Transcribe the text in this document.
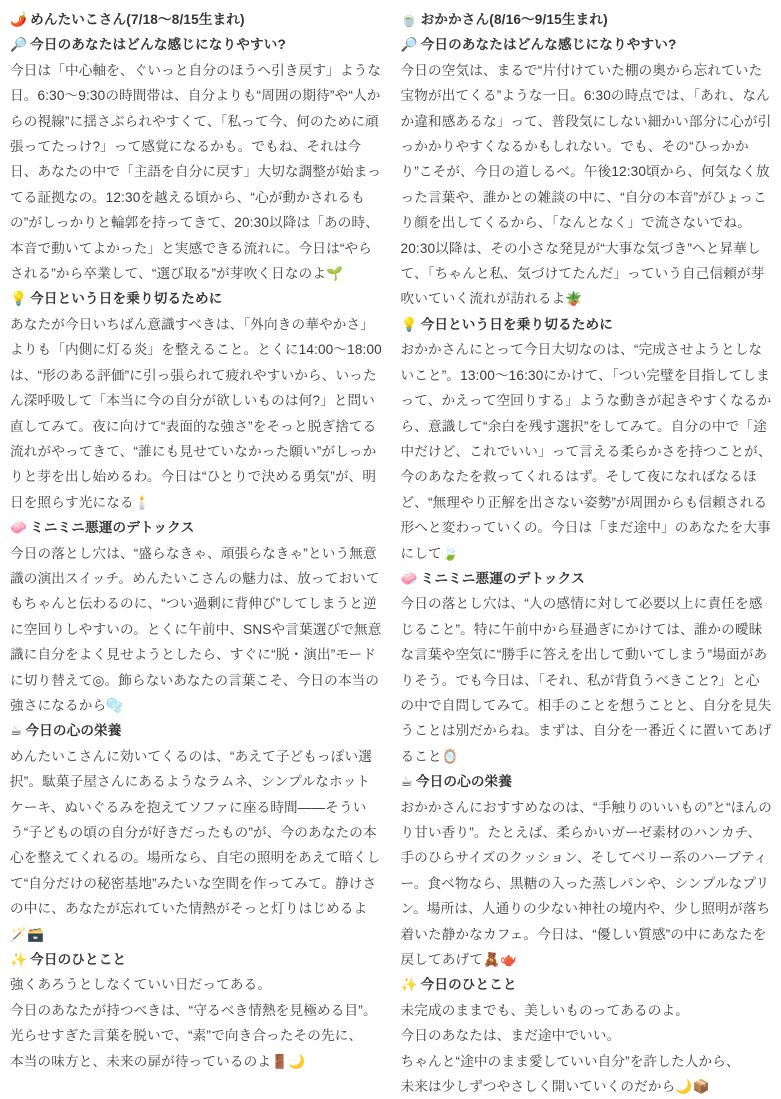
🌶️ めんたいこさん(7/18〜8/15生まれ)
🔎 今日のあなたはどんな感じになりやすい?

今日は「中心軸を、ぐいっと自分のほうへ引き戻す」ような日。6:30〜9:30の時間帯は、自分よりも“周囲の期待”や“人からの視線”に揺さぶられやすくて、「私って今、何のために頑張ってたっけ?」って感覚になるかも。でもね、それは今日、あなたの中で「主語を自分に戻す」大切な調整が始まってる証拠なの。12:30を越える頃から、“心が動かされるもの”がしっかりと輪郭を持ってきて、20:30以降は「あの時、本音で動いてよかった」と実感できる流れに。今日は“やらされる”から卒業して、“選び取る”が芽吹く日なのよ🌱

💡 今日という日を乗り切るために

あなたが今日いちばん意識すべきは、「外向きの華やかさ」よりも「内側に灯る炎」を整えること。とくに14:00〜18:00は、“形のある評価”に引っ張られて疲れやすいから、いったん深呼吸して「本当に今の自分が欲しいものは何?」と問い直してみて。夜に向けて“表面的な強さ”をそっと脱ぎ捨てる流れがやってきて、“誰にも見せていなかった願い”がしっかりと芽を出し始めるわ。今日は“ひとりで決める勇気”が、明日を照らす光になる🕯️

🧼 ミニミニ悪運のデトックス

今日の落とし穴は、“盛らなきゃ、頑張らなきゃ”という無意識の演出スイッチ。めんたいこさんの魅力は、放っておいてもちゃんと伝わるのに、“つい過剰に背伸び”してしまうと逆に空回りしやすいの。とくに午前中、SNSや言葉選びで無意識に自分をよく見せようとしたら、すぐに“脱・演出”モードに切り替えて◎。飾らないあなたの言葉こそ、今日の本当の強さになるから🫧

☕ 今日の心の栄養

めんたいこさんに効いてくるのは、“あえて子どもっぽい選択”。駄菓子屋さんにあるようなラムネ、シンプルなホットケーキ、ぬいぐるみを抱えてソファに座る時間——そういう“子どもの頃の自分が好きだったもの”が、今のあなたの本心を整えてくれるの。場所なら、自宅の照明をあえて暗くして“自分だけの秘密基地”みたいな空間を作ってみて。静けさの中に、あなたが忘れていた情熱がそっと灯りはじめるよ🪄🗃️

✨ 今日のひとこと
強くあろうとしなくていい日だってある。
今日のあなたが持つべきは、“守るべき情熱を見極める目”。
光らせすぎた言葉を脱いで、“素”で向き合ったその先に、
本当の味方と、未来の扉が待っているのよ🚪🌙
🍵 おかかさん(8/16〜9/15生まれ)
🔎 今日のあなたはどんな感じになりやすい?

今日の空気は、まるで“片付けていた棚の奥から忘れていた宝物が出てくる”ような一日。6:30の時点では、「あれ、なんか違和感あるな」って、普段気にしない細かい部分に心が引っかかりやすくなるかもしれない。でも、その“ひっかかり”こそが、今日の道しるべ。午後12:30頃から、何気なく放った言葉や、誰かとの雑談の中に、“自分の本音”がひょっこり顔を出してくるから、「なんとなく」で流さないでね。20:30以降は、その小さな発見が“大事な気づき”へと昇華して、「ちゃんと私、気づけてたんだ」っていう自己信頼が芽吹いていく流れが訪れるよ🪴

💡 今日という日を乗り切るために

おかかさんにとって今日大切なのは、“完成させようとしないこと”。13:00〜16:30にかけて、「つい完璧を目指してしまって、かえって空回りする」ような動きが起きやすくなるから、意識して“余白を残す選択”をしてみて。自分の中で「途中だけど、これでいい」って言える柔らかさを持つことが、今のあなたを救ってくれるはず。そして夜になればなるほど、“無理やり正解を出さない姿勢”が周囲からも信頼される形へと変わっていくの。今日は「まだ途中」のあなたを大事にして🍃

🧼 ミニミニ悪運のデトックス

今日の落とし穴は、“人の感情に対して必要以上に責任を感じること”。特に午前中から昼過ぎにかけては、誰かの曖昧な言葉や空気に“勝手に答えを出して動いてしまう”場面がありそう。でも今日は、「それ、私が背負うべきこと?」と心の中で自問してみて。相手のことを想うことと、自分を見失うことは別だからね。まずは、自分を一番近くに置いてあげること🪞

☕ 今日の心の栄養

おかかさんにおすすめなのは、“手触りのいいもの”と“ほんのり甘い香り”。たとえば、柔らかいガーゼ素材のハンカチ、手のひらサイズのクッション、そしてベリー系のハーブティー。食べ物なら、黒糖の入った蒸しパンや、シンプルなプリン。場所は、人通りの少ない神社の境内や、少し照明が落ち着いた静かなカフェ。今日は、“優しい質感”の中にあなたを戻してあげて🧸🫖

✨ 今日のひとこと
未完成のままでも、美しいものってあるのよ。
今日のあなたは、まだ途中でいい。
ちゃんと“途中のまま愛していい自分”を許した人から、
未来は少しずつやさしく開いていくのだから🌙📦
